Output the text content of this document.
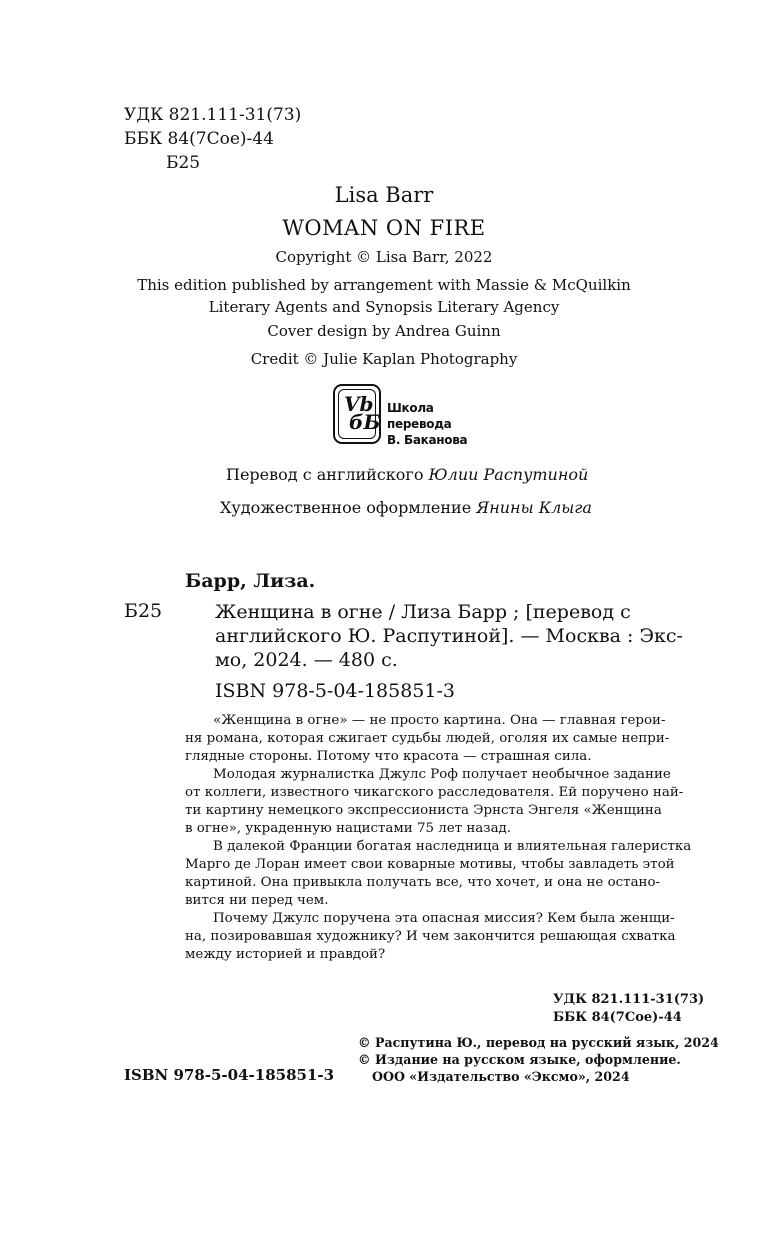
УДК 821.111-31(73)
ББК 84(7Сое)-44
Б25
Lisa Barr
WOMAN ON FIRE
Copyright © Lisa Barr, 2022
This edition published by arrangement with Massie & McQuilkin
Literary Agents and Synopsis Literary Agency
Cover design by Andrea Guinn
Credit © Julie Kaplan Photography
Vb
бБ
Школа перевода
В. Баканова
Перевод с английского Юлии Распутиной
Художественное оформление Янины Клыга
Барр, Лиза.
Б25	Женщина в огне / Лиза Барр ; [перевод с
английского Ю. Распутиной]. — Москва : Экс-
мо, 2024. — 480 с.
ISBN 978-5-04-185851-3
«Женщина в огне» — не просто картина. Она — главная герои-
ня романа, которая сжигает судьбы людей, оголяя их самые непри-
глядные стороны. Потому что красота — страшная сила.
Молодая журналистка Джулс Роф получает необычное задание
от коллеги, известного чикагского расследователя. Ей поручено най-
ти картину немецкого экспрессиониста Эрнста Энгеля «Женщина
в огне», украденную нацистами 75 лет назад.
В далекой Франции богатая наследница и влиятельная галеристка
Марго де Лоран имеет свои коварные мотивы, чтобы завладеть этой
картиной. Она привыкла получать все, что хочет, и она не остано-
вится ни перед чем.
Почему Джулс поручена эта опасная миссия? Кем была женщи-
на, позировавшая художнику? И чем закончится решающая схватка
между историей и правдой?
УДК 821.111-31(73)
ББК 84(7Сое)-44
© Распутина Ю., перевод на русский язык, 2024
© Издание на русском языке, оформление.
ООО «Издательство «Эксмо», 2024
ISBN 978-5-04-185851-3
